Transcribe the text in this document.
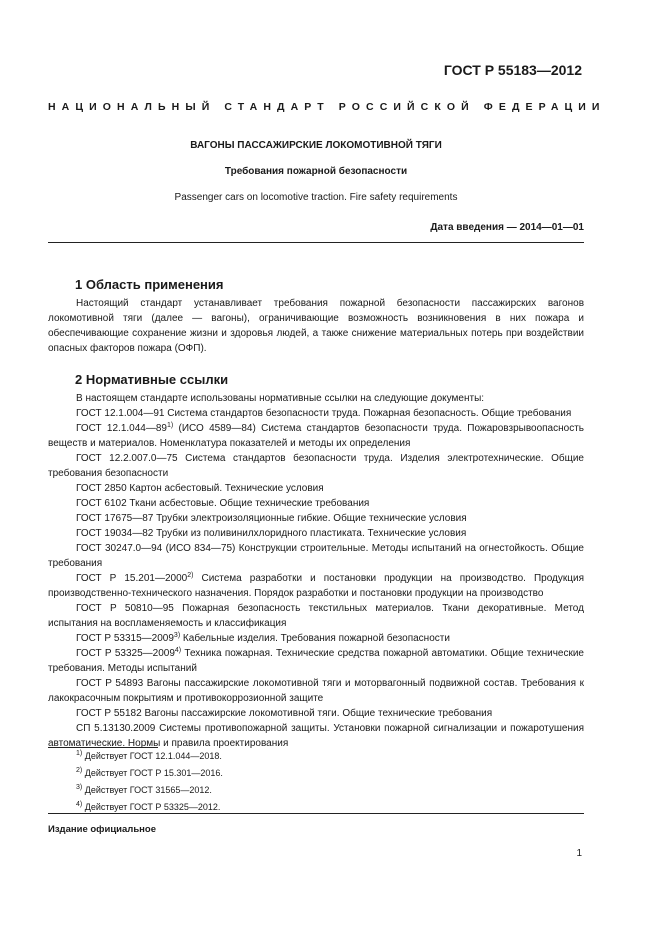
ГОСТ Р 55183—2012
НАЦИОНАЛЬНЫЙ СТАНДАРТ РОССИЙСКОЙ ФЕДЕРАЦИИ
ВАГОНЫ ПАССАЖИРСКИЕ ЛОКОМОТИВНОЙ ТЯГИ
Требования пожарной безопасности
Passenger cars on locomotive traction. Fire safety requirements
Дата введения — 2014—01—01
1 Область применения

Настоящий стандарт устанавливает требования пожарной безопасности пассажирских вагонов локомотивной тяги (далее — вагоны), ограничивающие возможность возникновения в них пожара и обеспечивающие сохранение жизни и здоровья людей, а также снижение материальных потерь при воздействии опасных факторов пожара (ОФП).

2 Нормативные ссылки

В настоящем стандарте использованы нормативные ссылки на следующие документы:

ГОСТ 12.1.004—91 Система стандартов безопасности труда. Пожарная безопасность. Общие требования

ГОСТ 12.1.044—89$^{1)}$ (ИСО 4589—84) Система стандартов безопасности труда. Пожаровзрывоопасность веществ и материалов. Номенклатура показателей и методы их определения

ГОСТ 12.2.007.0—75 Система стандартов безопасности труда. Изделия электротехнические. Общие требования безопасности

ГОСТ 2850 Картон асбестовый. Технические условия

ГОСТ 6102 Ткани асбестовые. Общие технические требования

ГОСТ 17675—87 Трубки электроизоляционные гибкие. Общие технические условия

ГОСТ 19034—82 Трубки из поливинилхлоридного пластиката. Технические условия

ГОСТ 30247.0—94 (ИСО 834—75) Конструкции строительные. Методы испытаний на огнестойкость. Общие требования

ГОСТ Р 15.201—2000$^{2)}$ Система разработки и постановки продукции на производство. Продукция производственно-технического назначения. Порядок разработки и постановки продукции на производство

ГОСТ Р 50810—95 Пожарная безопасность текстильных материалов. Ткани декоративные. Метод испытания на воспламеняемость и классификация

ГОСТ Р 53315—2009$^{3)}$ Кабельные изделия. Требования пожарной безопасности

ГОСТ Р 53325—2009$^{4)}$ Техника пожарная. Технические средства пожарной автоматики. Общие технические требования. Методы испытаний

ГОСТ Р 54893 Вагоны пассажирские локомотивной тяги и моторвагонный подвижной состав. Требования к лакокрасочным покрытиям и противокоррозионной защите

ГОСТ Р 55182 Вагоны пассажирские локомотивной тяги. Общие технические требования

СП 5.13130.2009 Системы противопожарной защиты. Установки пожарной сигнализации и пожаротушения автоматические. Нормы и правила проектирования

$^{1)}$ Действует ГОСТ 12.1.044—2018.
$^{2)}$ Действует ГОСТ Р 15.301—2016.
$^{3)}$ Действует ГОСТ 31565—2012.
$^{4)}$ Действует ГОСТ Р 53325—2012.
Издание официальное
1
